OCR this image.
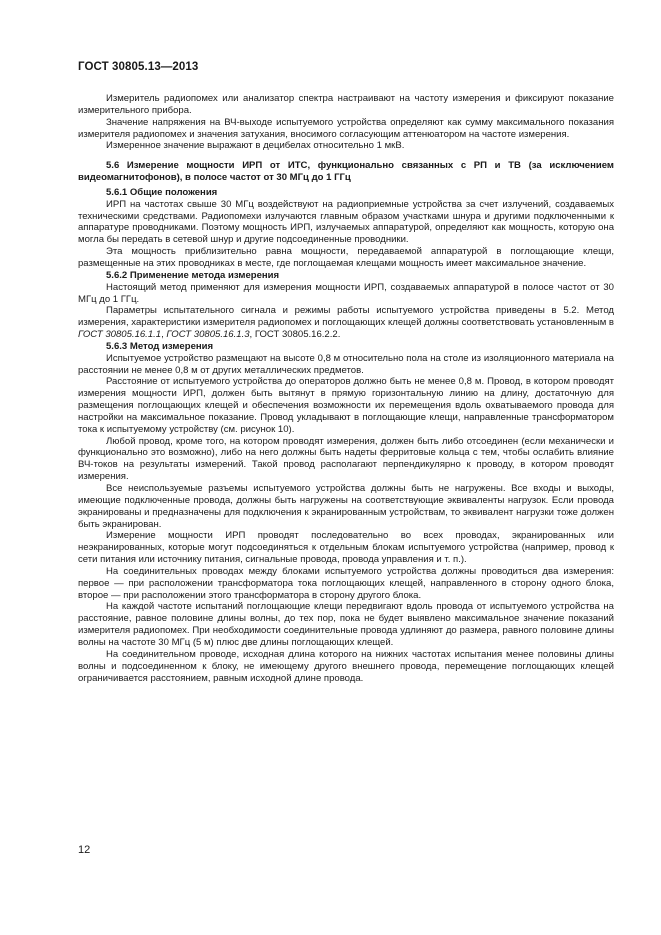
ГОСТ 30805.13—2013

Измеритель радиопомех или анализатор спектра настраивают на частоту измерения и фиксируют показание измерительного прибора.

Значение напряжения на ВЧ-выходе испытуемого устройства определяют как сумму максимального показания измерителя радиопомех и значения затухания, вносимого согласующим аттенюатором на частоте измерения.

Измеренное значение выражают в децибелах относительно 1 мкВ.

5.6 Измерение мощности ИРП от ИТС, функционально связанных с РП и ТВ (за исключением видеомагнитофонов), в полосе частот от 30 МГц до 1 ГГц

5.6.1 Общие положения

ИРП на частотах свыше 30 МГц воздействуют на радиоприемные устройства за счет излучений, создаваемых техническими средствами. Радиопомехи излучаются главным образом участками шнура и другими подключенными к аппаратуре проводниками. Поэтому мощность ИРП, излучаемых аппаратурой, определяют как мощность, которую она могла бы передать в сетевой шнур и другие подсоединенные проводники.

Эта мощность приблизительно равна мощности, передаваемой аппаратурой в поглощающие клещи, размещенные на этих проводниках в месте, где поглощаемая клещами мощность имеет максимальное значение.

5.6.2 Применение метода измерения

Настоящий метод применяют для измерения мощности ИРП, создаваемых аппаратурой в полосе частот от 30 МГц до 1 ГГц.

Параметры испытательного сигнала и режимы работы испытуемого устройства приведены в 5.2. Метод измерения, характеристики измерителя радиопомех и поглощающих клещей должны соответствовать установленным в ГОСТ 30805.16.1.1, ГОСТ 30805.16.1.3, ГОСТ 30805.16.2.2.

5.6.3 Метод измерения

Испытуемое устройство размещают на высоте 0,8 м относительно пола на столе из изоляционного материала на расстоянии не менее 0,8 м от других металлических предметов.

Расстояние от испытуемого устройства до операторов должно быть не менее 0,8 м. Провод, в котором проводят измерения мощности ИРП, должен быть вытянут в прямую горизонтальную линию на длину, достаточную для размещения поглощающих клещей и обеспечения возможности их перемещения вдоль охватываемого провода для настройки на максимальное показание. Провод укладывают в поглощающие клещи, направленные трансформатором тока к испытуемому устройству (см. рисунок 10).

Любой провод, кроме того, на котором проводят измерения, должен быть либо отсоединен (если механически и функционально это возможно), либо на него должны быть надеты ферритовые кольца с тем, чтобы ослабить влияние ВЧ-токов на результаты измерений. Такой провод располагают перпендикулярно к проводу, в котором проводят измерения.

Все неиспользуемые разъемы испытуемого устройства должны быть не нагружены. Все входы и выходы, имеющие подключенные провода, должны быть нагружены на соответствующие эквиваленты нагрузок. Если провода экранированы и предназначены для подключения к экранированным устройствам, то эквивалент нагрузки тоже должен быть экранирован.

Измерение мощности ИРП проводят последовательно во всех проводах, экранированных или неэкранированных, которые могут подсоединяться к отдельным блокам испытуемого устройства (например, провод к сети питания или источнику питания, сигнальные провода, провода управления и т. п.).

На соединительных проводах между блоками испытуемого устройства должны проводиться два измерения: первое — при расположении трансформатора тока поглощающих клещей, направленного в сторону одного блока, второе — при расположении этого трансформатора в сторону другого блока.

На каждой частоте испытаний поглощающие клещи передвигают вдоль провода от испытуемого устройства на расстояние, равное половине длины волны, до тех пор, пока не будет выявлено максимальное значение показаний измерителя радиопомех. При необходимости соединительные провода удлиняют до размера, равного половине длины волны на частоте 30 МГц (5 м) плюс две длины поглощающих клещей.

На соединительном проводе, исходная длина которого на нижних частотах испытания менее половины длины волны и подсоединенном к блоку, не имеющему другого внешнего провода, перемещение поглощающих клещей ограничивается расстоянием, равным исходной длине провода.

12
